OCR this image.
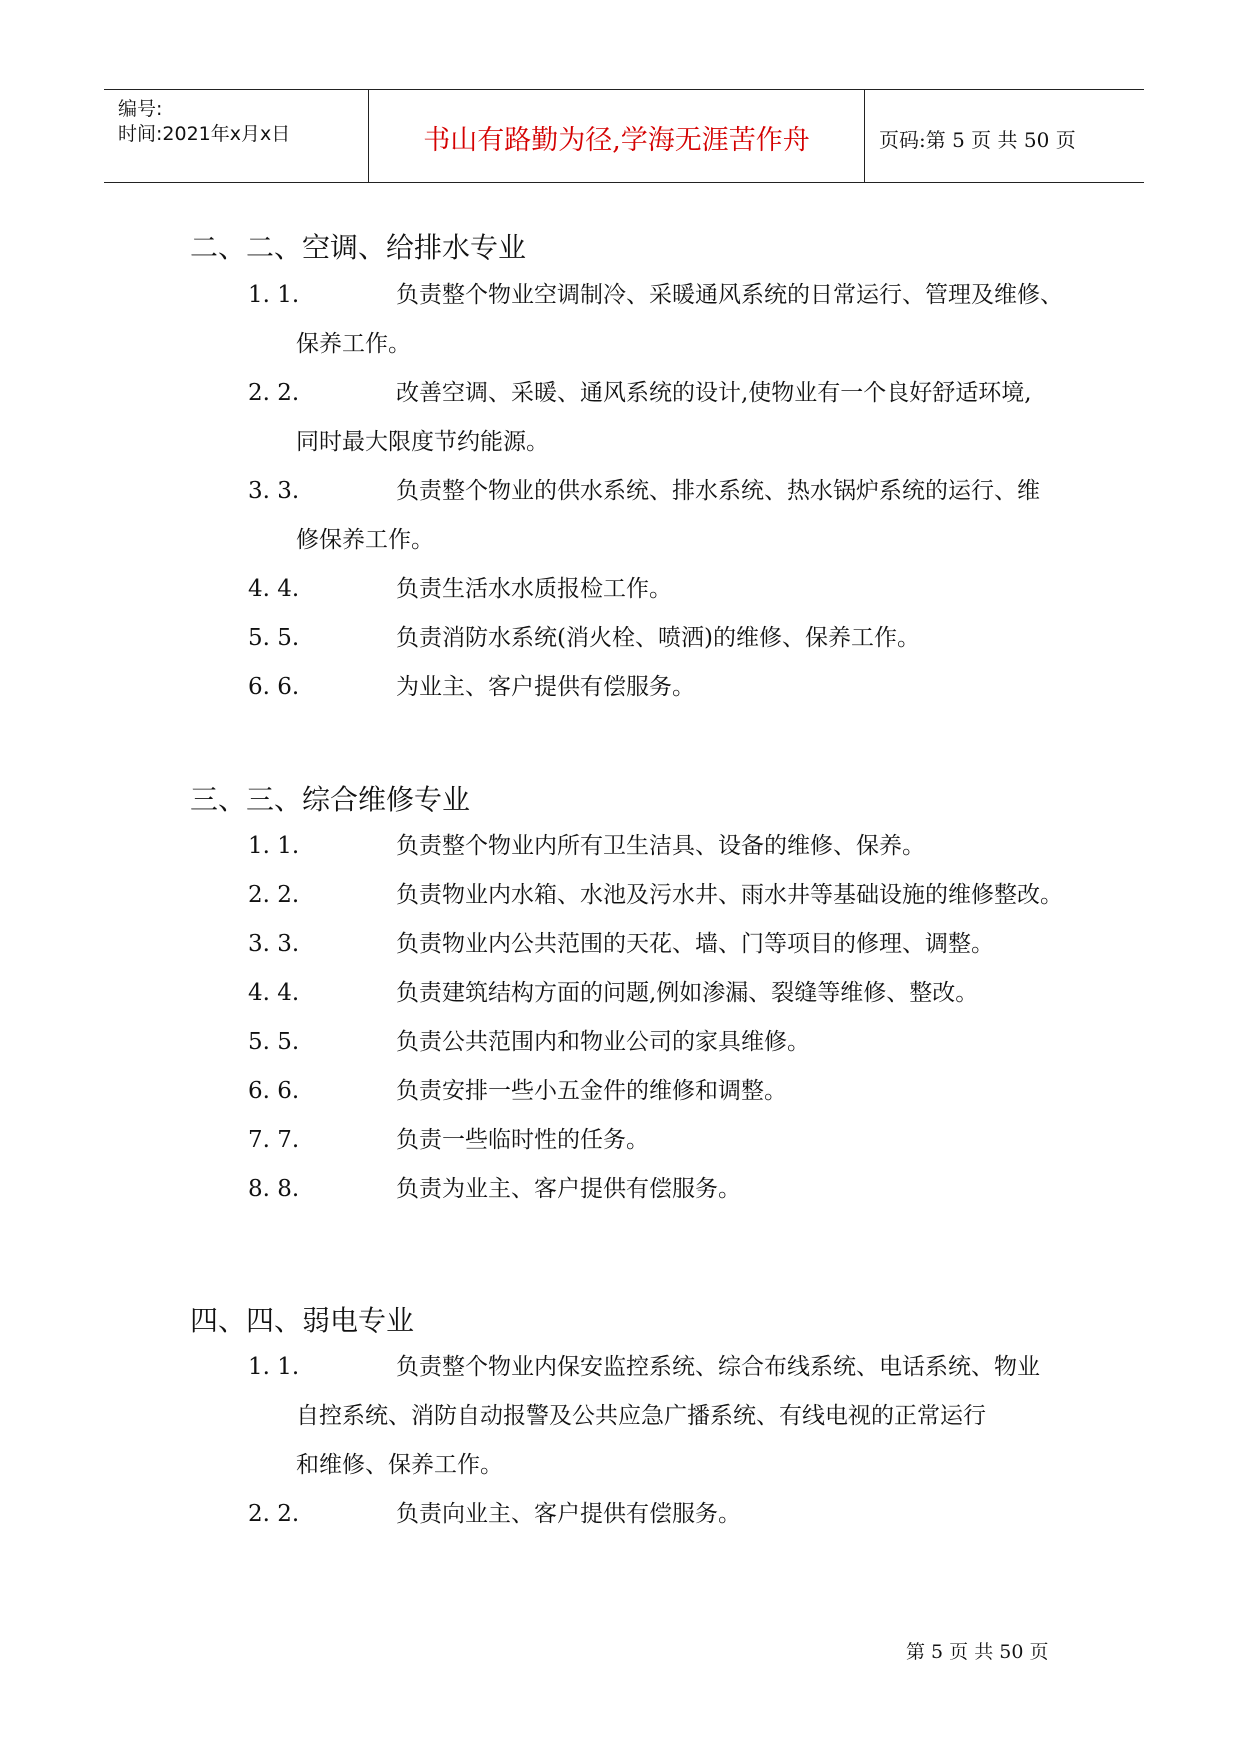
编号:
时间:2021年x月x日	书山有路勤为径,学海无涯苦作舟	页码:第 5 页 共 50 页
二、二、空调、给排水专业
1. 1.	负责整个物业空调制冷、采暖通风系统的日常运行、管理及维修、
保养工作。
2. 2.	改善空调、采暖、通风系统的设计,使物业有一个良好舒适环境,
同时最大限度节约能源。
3. 3.	负责整个物业的供水系统、排水系统、热水锅炉系统的运行、维
修保养工作。
4. 4.	负责生活水水质报检工作。
5. 5.	负责消防水系统(消火栓、喷洒)的维修、保养工作。
6. 6.	为业主、客户提供有偿服务。
三、三、综合维修专业
1. 1.	负责整个物业内所有卫生洁具、设备的维修、保养。
2. 2.	负责物业内水箱、水池及污水井、雨水井等基础设施的维修整改。
3. 3.	负责物业内公共范围的天花、墙、门等项目的修理、调整。
4. 4.	负责建筑结构方面的问题,例如渗漏、裂缝等维修、整改。
5. 5.	负责公共范围内和物业公司的家具维修。
6. 6.	负责安排一些小五金件的维修和调整。
7. 7.	负责一些临时性的任务。
8. 8.	负责为业主、客户提供有偿服务。
四、四、弱电专业
1. 1.	负责整个物业内保安监控系统、综合布线系统、电话系统、物业
自控系统、消防自动报警及公共应急广播系统、有线电视的正常运行
和维修、保养工作。
2. 2.	负责向业主、客户提供有偿服务。
第 5 页 共 50 页
